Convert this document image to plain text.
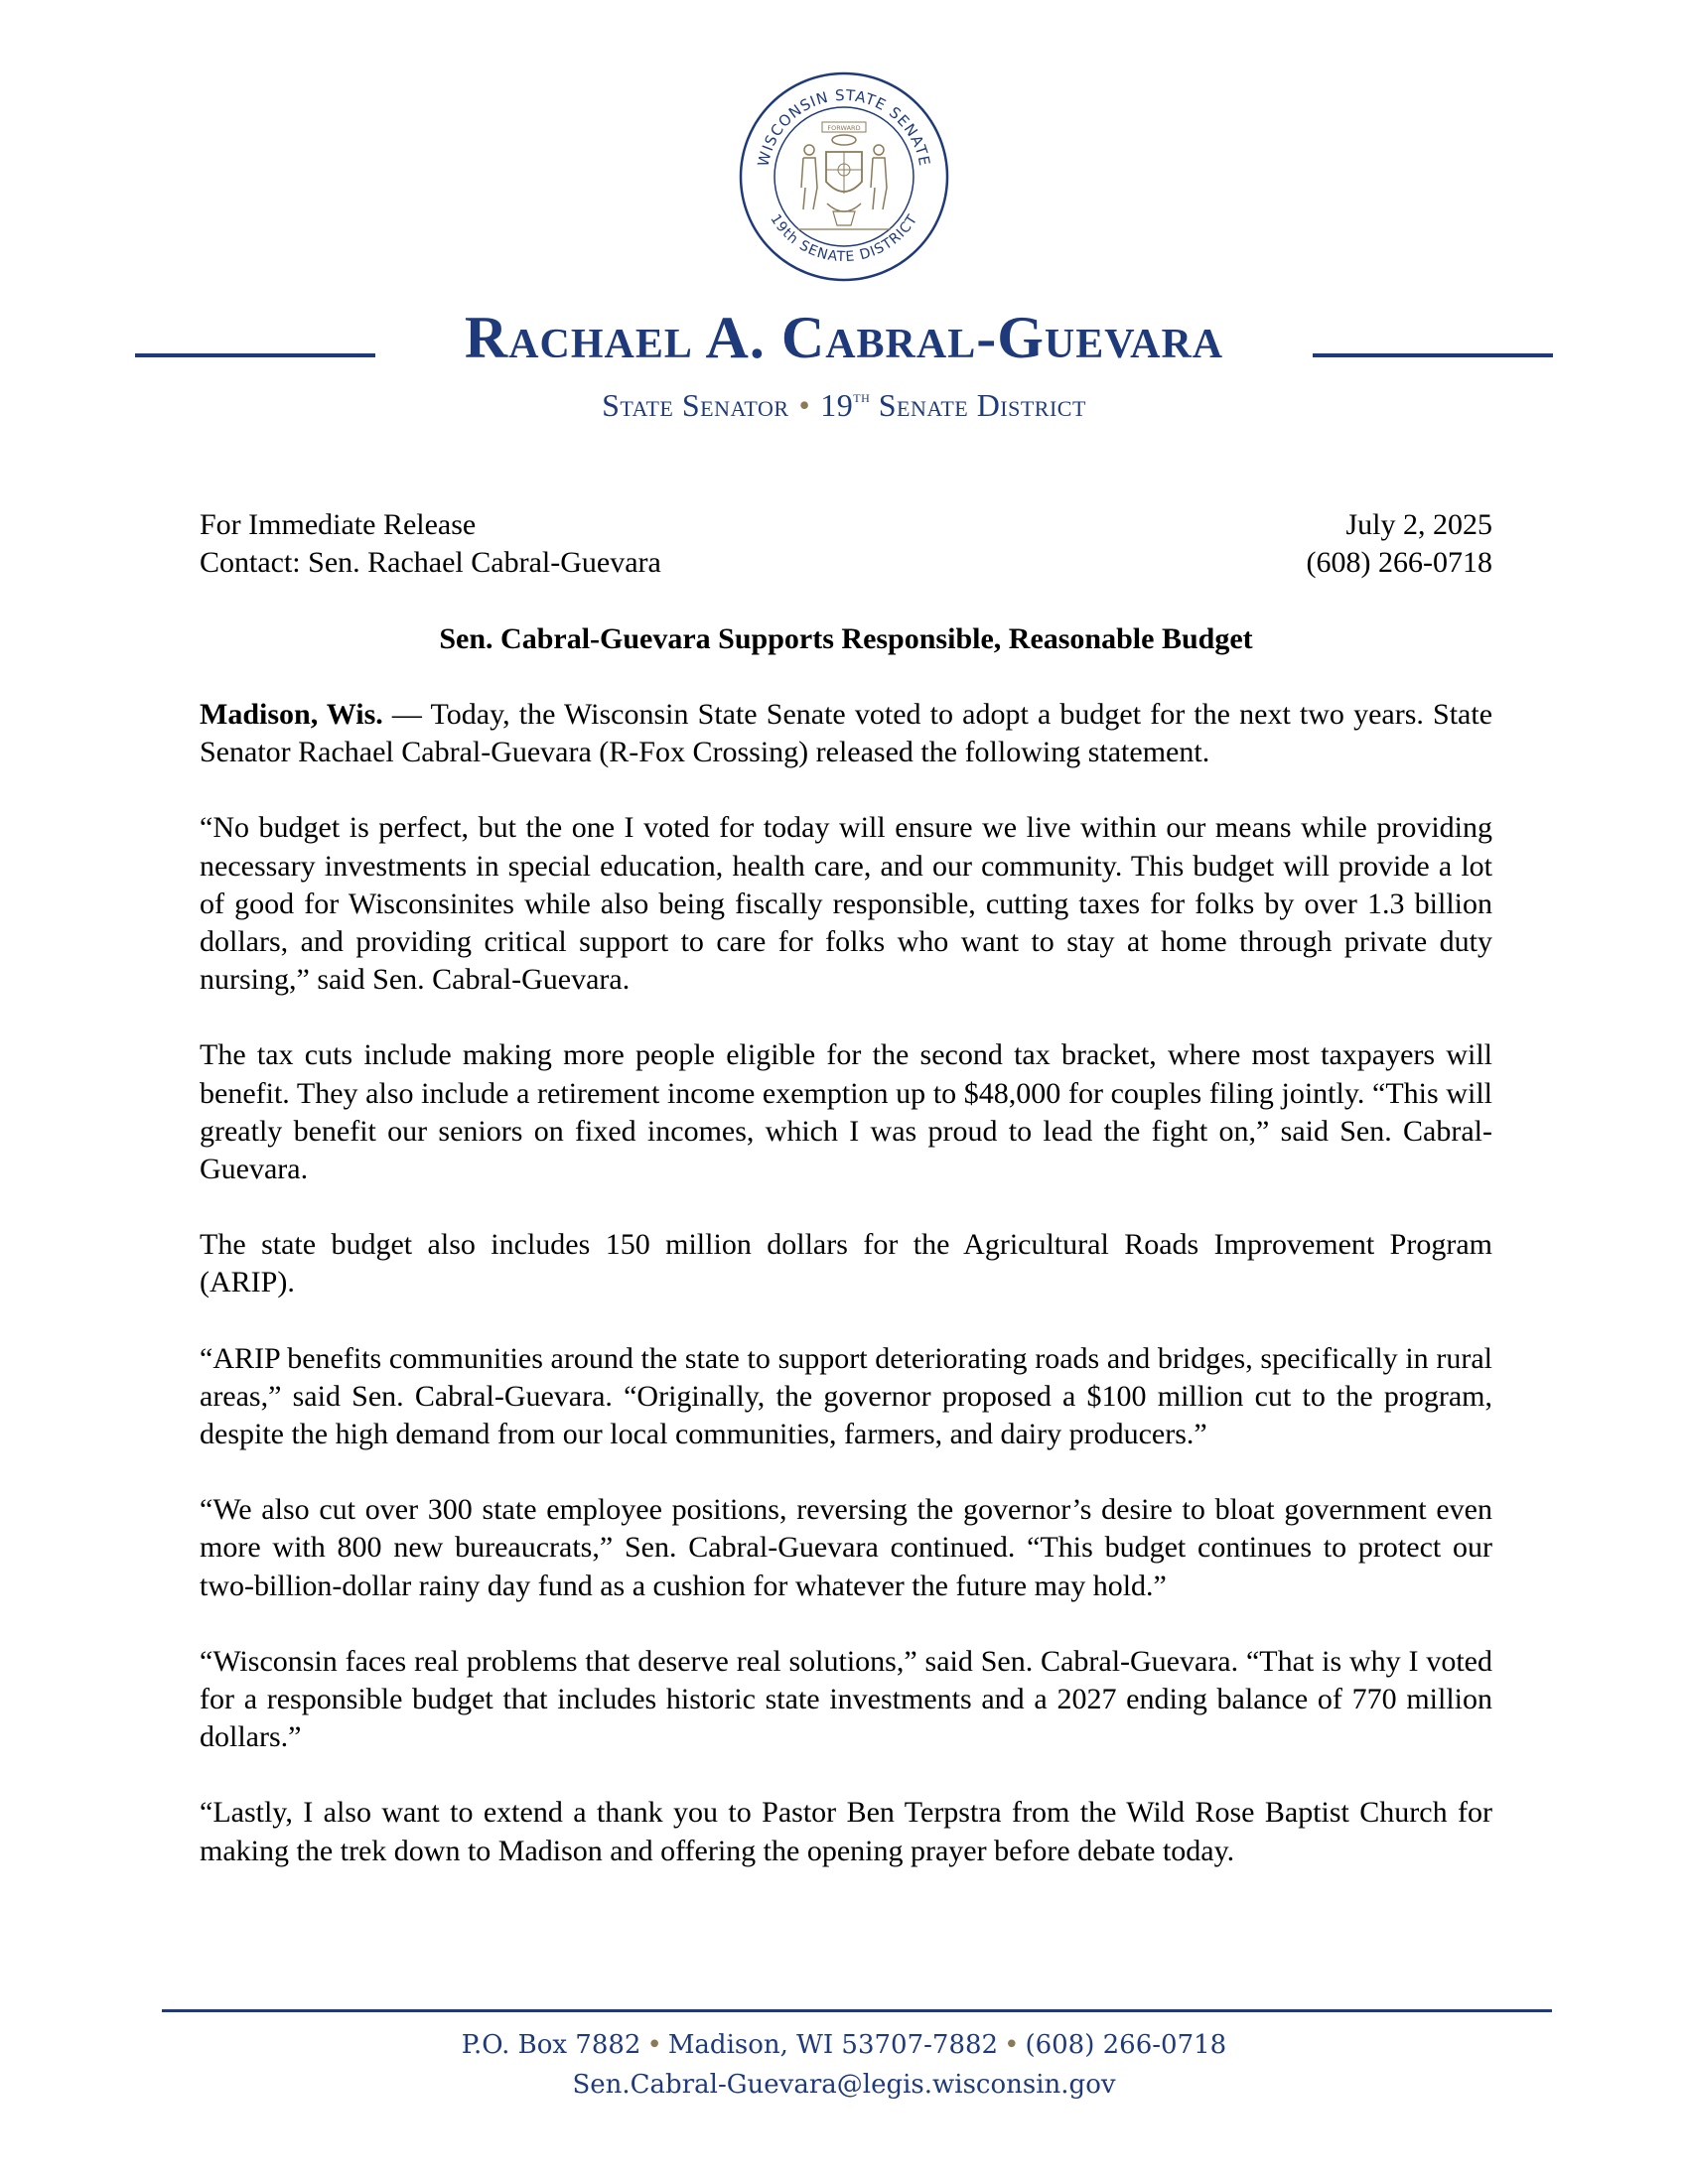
WISCONSIN STATE SENATE
19th SENATE DISTRICT
FORWARD
Rachael A. Cabral-Guevara
State Senator • 19th Senate District
For Immediate Release	July 2, 2025
Contact: Sen. Rachael Cabral-Guevara	(608) 266-0718
Sen. Cabral-Guevara Supports Responsible, Reasonable Budget

Madison, Wis. — Today, the Wisconsin State Senate voted to adopt a budget for the next two years. State Senator Rachael Cabral-Guevara (R-Fox Crossing) released the following statement.

“No budget is perfect, but the one I voted for today will ensure we live within our means while providing necessary investments in special education, health care, and our community. This budget will provide a lot of good for Wisconsinites while also being fiscally responsible, cutting taxes for folks by over 1.3 billion dollars, and providing critical support to care for folks who want to stay at home through private duty nursing,” said Sen. Cabral-Guevara.

The tax cuts include making more people eligible for the second tax bracket, where most taxpayers will benefit. They also include a retirement income exemption up to $48,000 for couples filing jointly. “This will greatly benefit our seniors on fixed incomes, which I was proud to lead the fight on,” said Sen. Cabral-Guevara.

The state budget also includes 150 million dollars for the Agricultural Roads Improvement Program (ARIP).

“ARIP benefits communities around the state to support deteriorating roads and bridges, specifically in rural areas,” said Sen. Cabral-Guevara. “Originally, the governor proposed a $100 million cut to the program, despite the high demand from our local communities, farmers, and dairy producers.”

“We also cut over 300 state employee positions, reversing the governor’s desire to bloat government even more with 800 new bureaucrats,” Sen. Cabral-Guevara continued. “This budget continues to protect our two-billion-dollar rainy day fund as a cushion for whatever the future may hold.”

“Wisconsin faces real problems that deserve real solutions,” said Sen. Cabral-Guevara. “That is why I voted for a responsible budget that includes historic state investments and a 2027 ending balance of 770 million dollars.”

“Lastly, I also want to extend a thank you to Pastor Ben Terpstra from the Wild Rose Baptist Church for making the trek down to Madison and offering the opening prayer before debate today.

P.O. Box 7882 • Madison, WI 53707-7882 • (608) 266-0718
Sen.Cabral-Guevara@legis.wisconsin.gov
